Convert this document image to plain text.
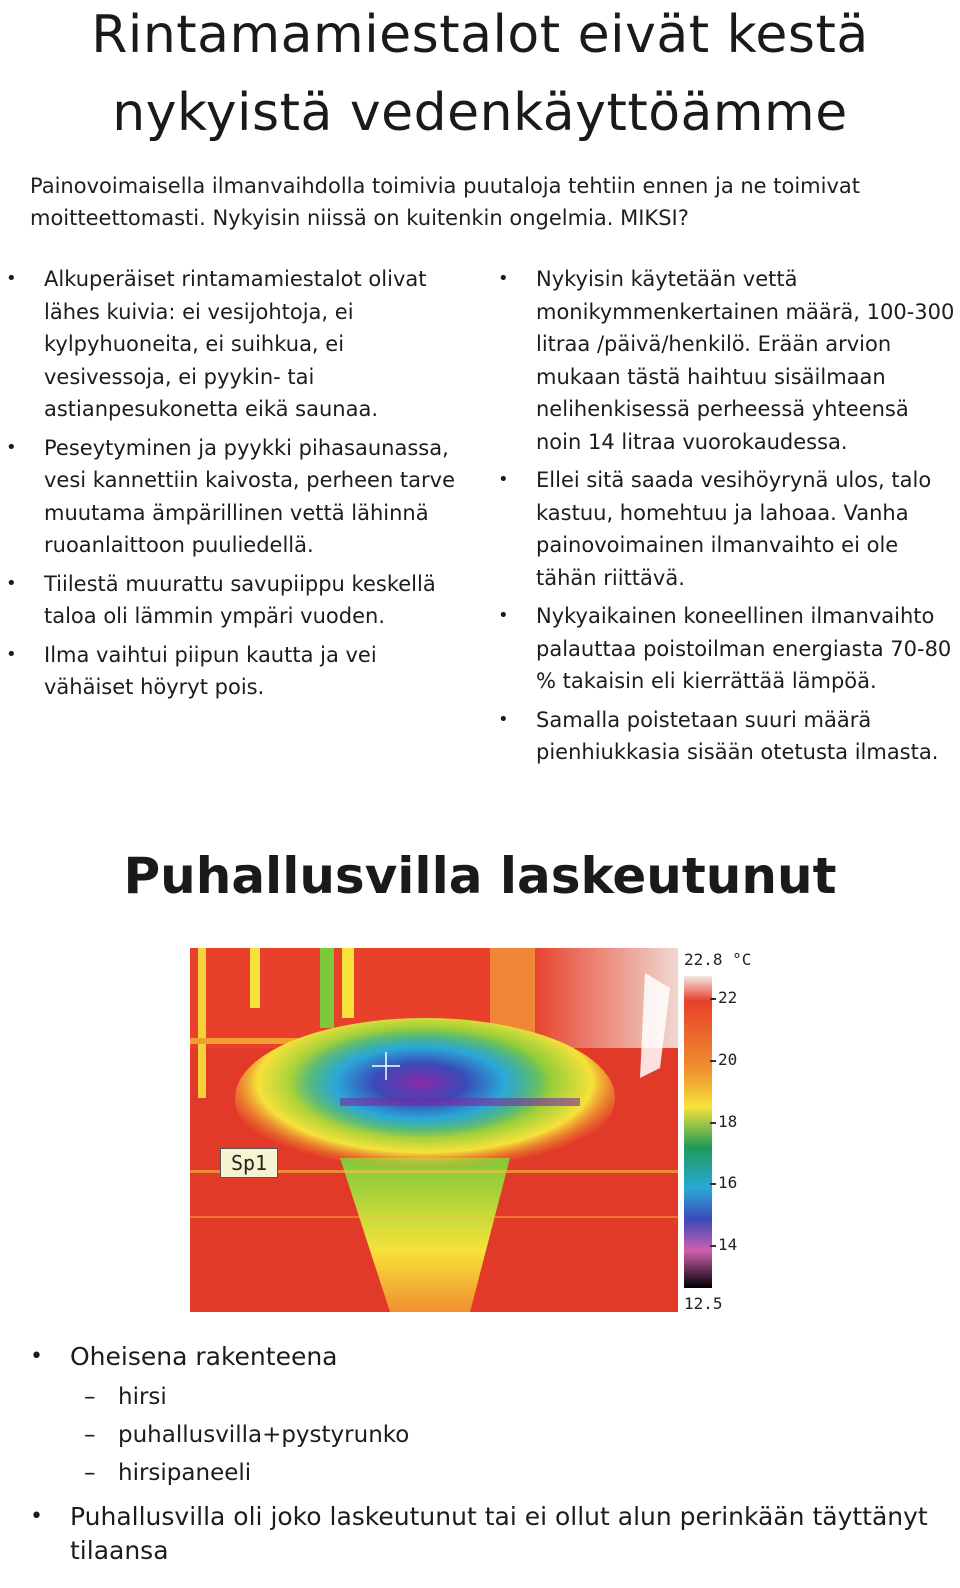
Rintamamiestalot eivät kestä nykyistä vedenkäyttöämme

Painovoimaisella ilmanvaihdolla toimivia puutaloja tehtiin ennen ja ne toimivat moitteettomasti. Nykyisin niissä on kuitenkin ongelmia. MIKSI?

• Alkuperäiset rintamamiestalot olivat lähes kuivia: ei vesijohtoja, ei kylpyhuoneita, ei suihkua, ei vesivessoja, ei pyykin- tai astianpesukonetta eikä saunaa.
• Peseytyminen ja pyykki pihasaunassa, vesi kannettiin kaivosta, perheen tarve muutama ämpärillinen vettä lähinnä ruoanlaittoon puuliedellä.
• Tiilestä muurattu savupiippu keskellä taloa oli lämmin ympäri vuoden.
• Ilma vaihtui piipun kautta ja vei vähäiset höyryt pois.
• Nykyisin käytetään vettä monikymmenkertainen määrä, 100-300 litraa /päivä/henkilö. Erään arvion mukaan tästä haihtuu sisäilmaan nelihenkisessä perheessä yhteensä noin 14 litraa vuorokaudessa.
• Ellei sitä saada vesihöyrynä ulos, talo kastuu, homehtuu ja lahoaa. Vanha painovoimainen ilmanvaihto ei ole tähän riittävä.
• Nykyaikainen koneellinen ilmanvaihto palauttaa poistoilman energiasta 70-80 % takaisin eli kierrättää lämpöä.
• Samalla poistetaan suuri määrä pienhiukkasia sisään otetusta ilmasta.
Puhallusvilla laskeutunut
Sp1
22.8 °C
22
20
18
16
14
12.5
• Oheisena rakenteena
– hirsi
– puhallusvilla+pystyrunko
– hirsipaneeli
• Puhallusvilla oli joko laskeutunut tai ei ollut alun perinkään täyttänyt tilaansa
